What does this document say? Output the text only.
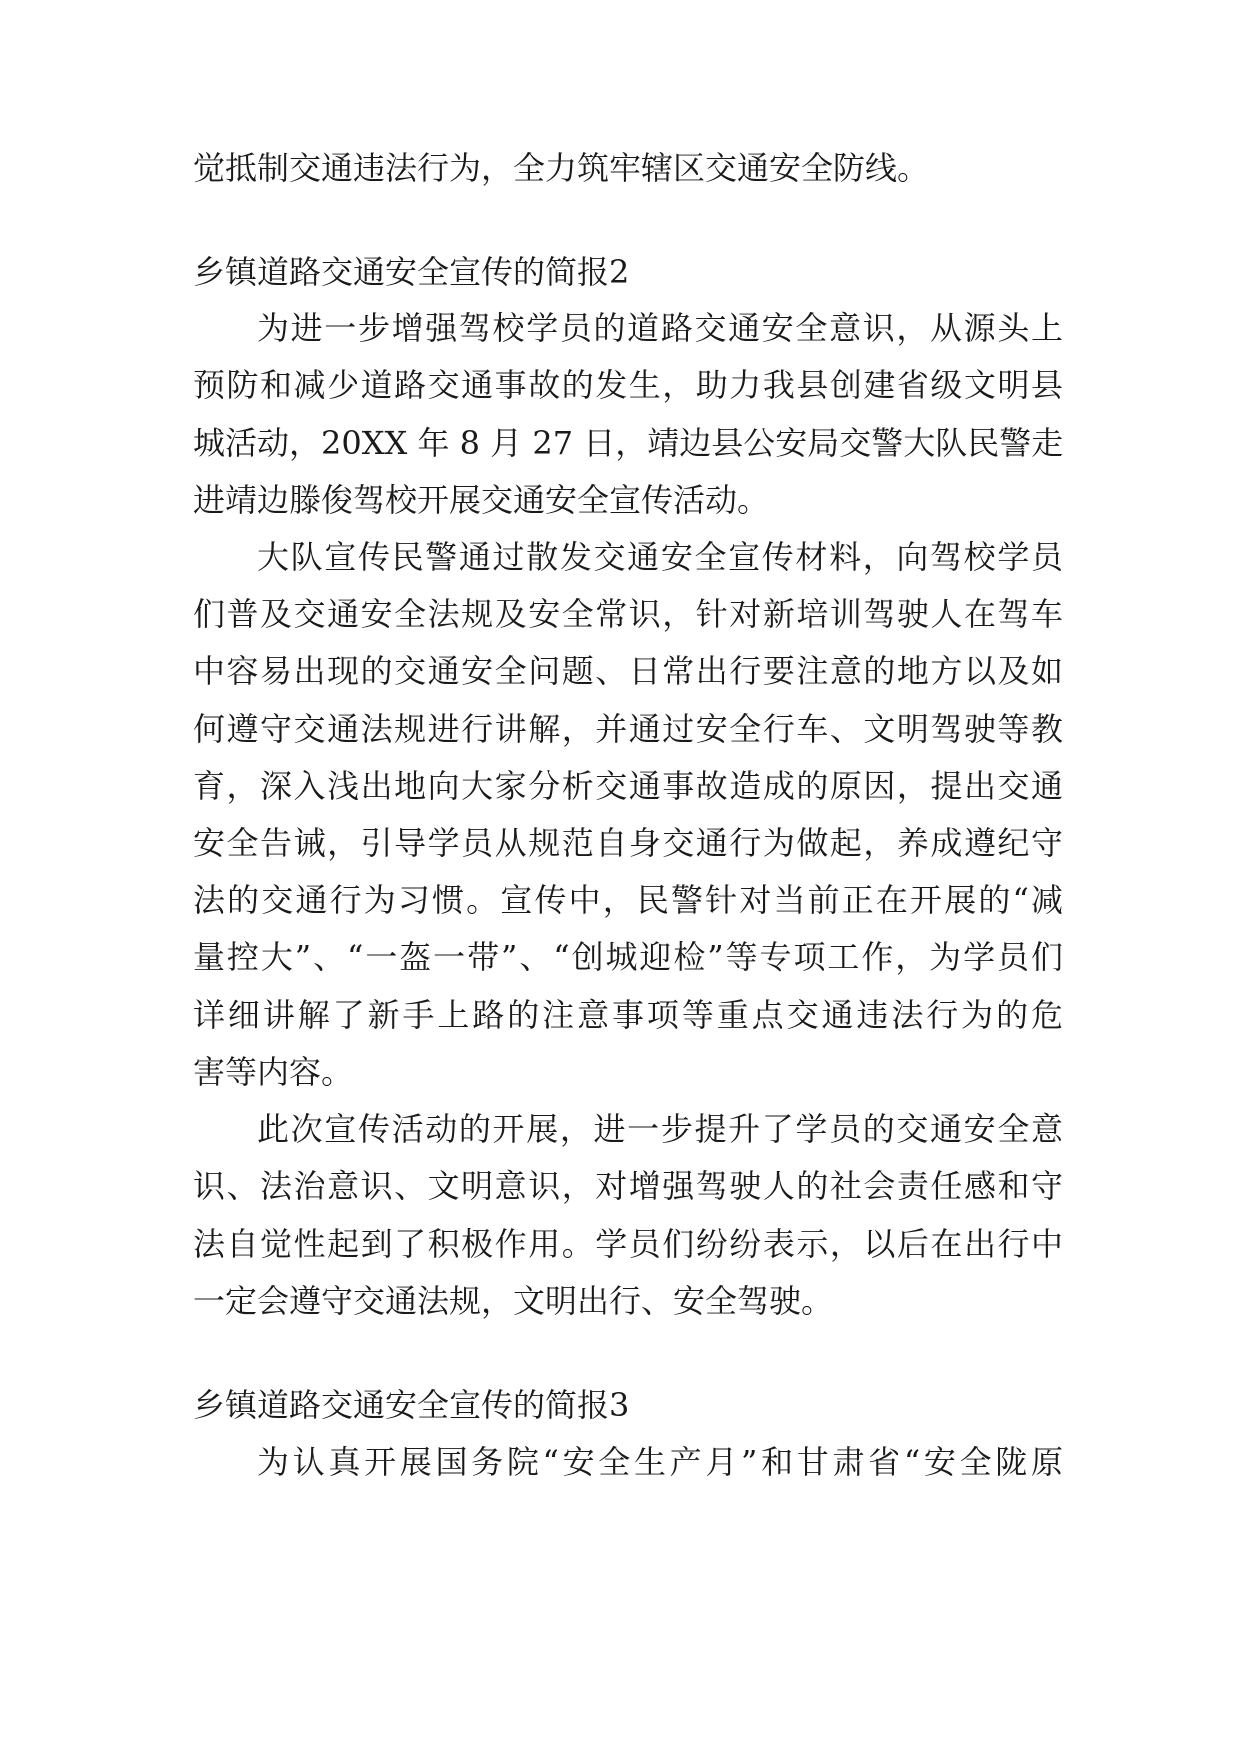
觉抵制交通违法行为，全力筑牢辖区交通安全防线。
乡镇道路交通安全宣传的简报2
为进一步增强驾校学员的道路交通安全意识，从源头上
预防和减少道路交通事故的发生，助力我县创建省级文明县
城活动，20XX 年 8 月 27 日，靖边县公安局交警大队民警走
进靖边滕俊驾校开展交通安全宣传活动。
大队宣传民警通过散发交通安全宣传材料，向驾校学员
们普及交通安全法规及安全常识，针对新培训驾驶人在驾车
中容易出现的交通安全问题、日常出行要注意的地方以及如
何遵守交通法规进行讲解，并通过安全行车、文明驾驶等教
育，深入浅出地向大家分析交通事故造成的原因，提出交通
安全告诫，引导学员从规范自身交通行为做起，养成遵纪守
法的交通行为习惯。宣传中，民警针对当前正在开展的“减
量控大”、“一盔一带”、“创城迎检”等专项工作，为学员们
详细讲解了新手上路的注意事项等重点交通违法行为的危
害等内容。
此次宣传活动的开展，进一步提升了学员的交通安全意
识、法治意识、文明意识，对增强驾驶人的社会责任感和守
法自觉性起到了积极作用。学员们纷纷表示，以后在出行中
一定会遵守交通法规，文明出行、安全驾驶。
乡镇道路交通安全宣传的简报3
为认真开展国务院“安全生产月”和甘肃省“安全陇原
